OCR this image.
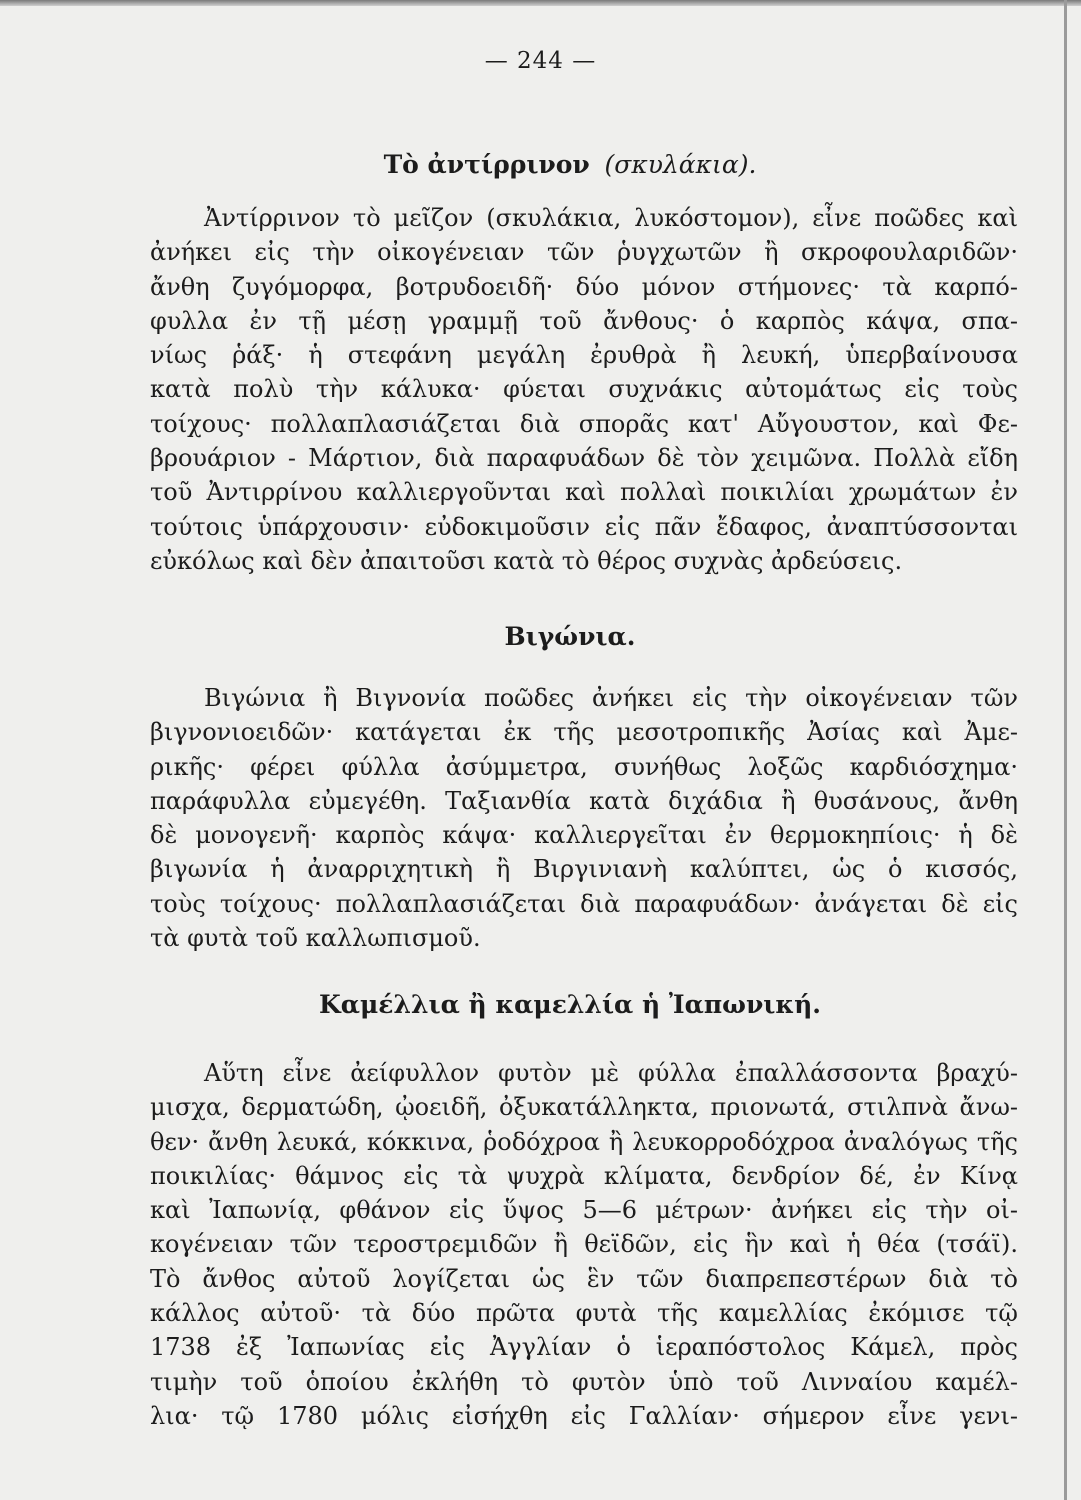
— 244 —
Τὸ ἀντίρρινον (σκυλάκια).
Ἀντίρρινον τὸ μεῖζον (σκυλάκια, λυκόστομον), εἶνε ποῶδες καὶ
ἀνήκει εἰς τὴν οἰκογένειαν τῶν ῥυγχωτῶν ἢ σκροφουλαριδῶν·
ἄνθη ζυγόμορφα, βοτρυδοειδῆ· δύο μόνον στήμονες· τὰ καρπό-
φυλλα ἐν τῇ μέσῃ γραμμῇ τοῦ ἄνθους· ὁ καρπὸς κάψα, σπα-
νίως ῥάξ· ἡ στεφάνη μεγάλη ἐρυθρὰ ἢ λευκή, ὑπερβαίνουσα
κατὰ πολὺ τὴν κάλυκα· φύεται συχνάκις αὐτομάτως εἰς τοὺς
τοίχους· πολλαπλασιάζεται διὰ σπορᾶς κατ' Αὔγουστον, καὶ Φε-
βρουάριον - Μάρτιον, διὰ παραφυάδων δὲ τὸν χειμῶνα. Πολλὰ εἴδη
τοῦ Ἀντιρρίνου καλλιεργοῦνται καὶ πολλαὶ ποικιλίαι χρωμάτων ἐν
τούτοις ὑπάρχουσιν· εὐδοκιμοῦσιν εἰς πᾶν ἔδαφος, ἀναπτύσσονται
εὐκόλως καὶ δὲν ἀπαιτοῦσι κατὰ τὸ θέρος συχνὰς ἀρδεύσεις.
Βιγώνια.
Βιγώνια ἢ Βιγνονία ποῶδες ἀνήκει εἰς τὴν οἰκογένειαν τῶν
βιγνονιοειδῶν· κατάγεται ἐκ τῆς μεσοτροπικῆς Ἀσίας καὶ Ἀμε-
ρικῆς· φέρει φύλλα ἀσύμμετρα, συνήθως λοξῶς καρδιόσχημα·
παράφυλλα εὐμεγέθη. Ταξιανθία κατὰ διχάδια ἢ θυσάνους, ἄνθη
δὲ μονογενῆ· καρπὸς κάψα· καλλιεργεῖται ἐν θερμοκηπίοις· ἡ δὲ
βιγωνία ἡ ἀναρριχητικὴ ἢ Βιργινιανὴ καλύπτει, ὡς ὁ κισσός,
τοὺς τοίχους· πολλαπλασιάζεται διὰ παραφυάδων· ἀνάγεται δὲ εἰς
τὰ φυτὰ τοῦ καλλωπισμοῦ.
Καμέλλια ἢ καμελλία ἡ Ἰαπωνική.
Αὕτη εἶνε ἀείφυλλον φυτὸν μὲ φύλλα ἐπαλλάσσοντα βραχύ-
μισχα, δερματώδη, ᾠοειδῆ, ὀξυκατάλληκτα, πριονωτά, στιλπνὰ ἄνω-
θεν· ἄνθη λευκά, κόκκινα, ῥοδόχροα ἢ λευκορροδόχροα ἀναλόγως τῆς
ποικιλίας· θάμνος εἰς τὰ ψυχρὰ κλίματα, δενδρίον δέ, ἐν Κίνᾳ
καὶ Ἰαπωνίᾳ, φθάνον εἰς ὕψος 5—6 μέτρων· ἀνήκει εἰς τὴν οἰ-
κογένειαν τῶν τεροστρεμιδῶν ἢ θεϊδῶν, εἰς ἣν καὶ ἡ θέα (τσάϊ).
Τὸ ἄνθος αὐτοῦ λογίζεται ὡς ἓν τῶν διαπρεπεστέρων διὰ τὸ
κάλλος αὐτοῦ· τὰ δύο πρῶτα φυτὰ τῆς καμελλίας ἐκόμισε τῷ
1738 ἐξ Ἰαπωνίας εἰς Ἀγγλίαν ὁ ἱεραπόστολος Κάμελ, πρὸς
τιμὴν τοῦ ὁποίου ἐκλήθη τὸ φυτὸν ὑπὸ τοῦ Λινναίου καμέλ-
λια· τῷ 1780 μόλις εἰσήχθη εἰς Γαλλίαν· σήμερον εἶνε γενι-
